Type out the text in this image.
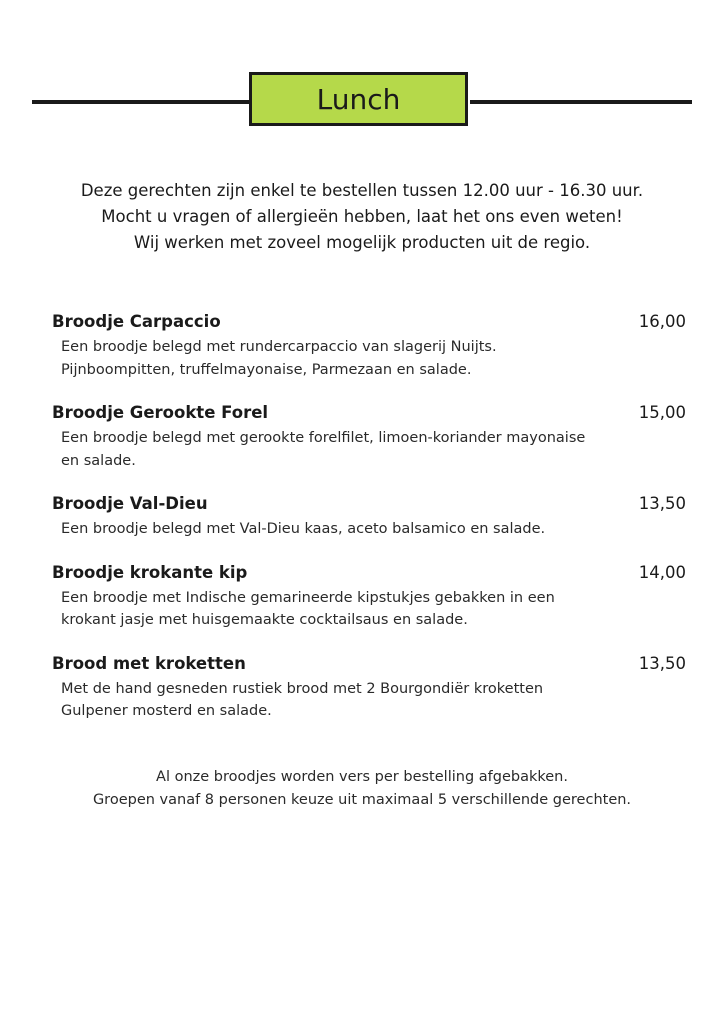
Lunch
Deze gerechten zijn enkel te bestellen tussen 12.00 uur - 16.30 uur.
Mocht u vragen of allergieën hebben, laat het ons even weten!
Wij werken met zoveel mogelijk producten uit de regio.
Broodje Carpaccio	16,00
Een broodje belegd met rundercarpaccio van slagerij Nuijts.
Pijnboompitten, truffelmayonaise, Parmezaan en salade.
Broodje Gerookte Forel	15,00
Een broodje belegd met gerookte forelfilet, limoen-koriander mayonaise
en salade.
Broodje Val-Dieu	13,50
Een broodje belegd met Val-Dieu kaas, aceto balsamico en salade.
Broodje krokante kip	14,00
Een broodje met Indische gemarineerde kipstukjes gebakken in een
krokant jasje met huisgemaakte cocktailsaus en salade.
Brood met kroketten	13,50
Met de hand gesneden rustiek brood met 2 Bourgondiër kroketten
Gulpener mosterd en salade.
Al onze broodjes worden vers per bestelling afgebakken.
Groepen vanaf 8 personen keuze uit maximaal 5 verschillende gerechten.
